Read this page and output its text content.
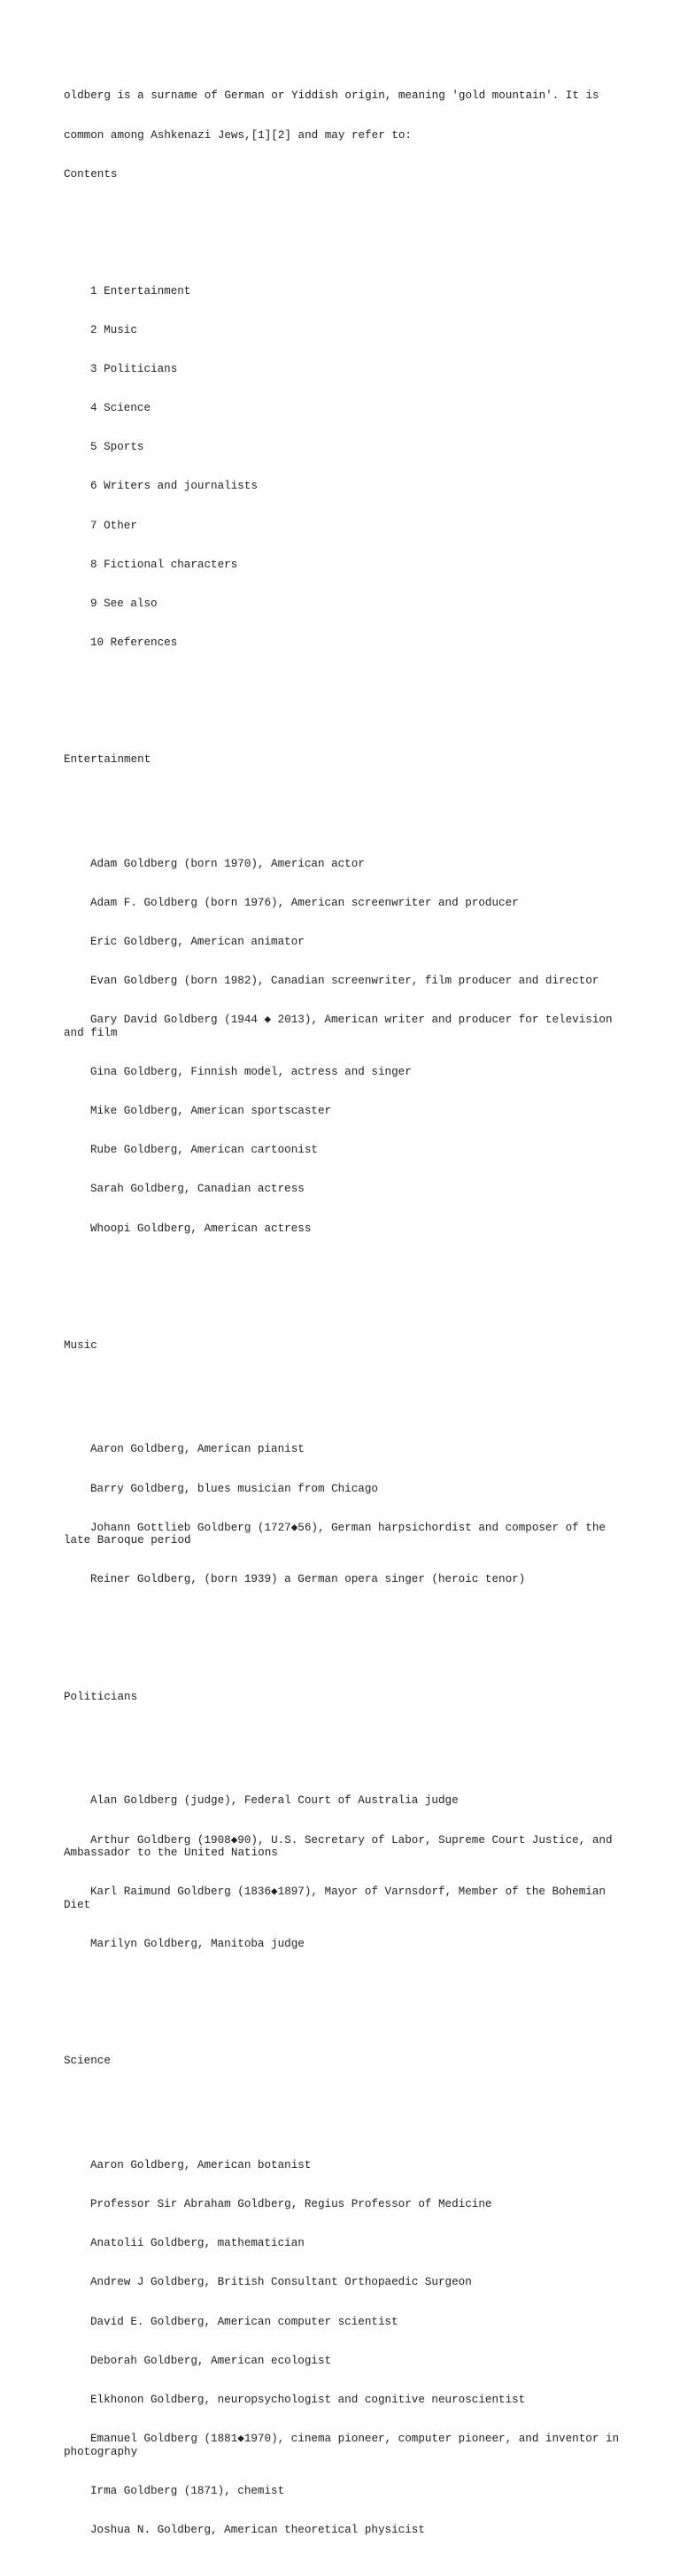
oldberg is a surname of German or Yiddish origin, meaning 'gold mountain'. It is

common among Ashkenazi Jews,[1][2] and may refer to:

Contents

1 Entertainment

2 Music

3 Politicians

4 Science

5 Sports

6 Writers and journalists

7 Other

8 Fictional characters

9 See also

10 References

Entertainment

Adam Goldberg (born 1970), American actor

Adam F. Goldberg (born 1976), American screenwriter and producer

Eric Goldberg, American animator

Evan Goldberg (born 1982), Canadian screenwriter, film producer and director

Gary David Goldberg (1944 ◆ 2013), American writer and producer for television and film

Gina Goldberg, Finnish model, actress and singer

Mike Goldberg, American sportscaster

Rube Goldberg, American cartoonist

Sarah Goldberg, Canadian actress

Whoopi Goldberg, American actress

Music

Aaron Goldberg, American pianist

Barry Goldberg, blues musician from Chicago

Johann Gottlieb Goldberg (1727◆56), German harpsichordist and composer of the late Baroque period

Reiner Goldberg, (born 1939) a German opera singer (heroic tenor)

Politicians

Alan Goldberg (judge), Federal Court of Australia judge

Arthur Goldberg (1908◆90), U.S. Secretary of Labor, Supreme Court Justice, and Ambassador to the United Nations

Karl Raimund Goldberg (1836◆1897), Mayor of Varnsdorf, Member of the Bohemian Diet

Marilyn Goldberg, Manitoba judge

Science

Aaron Goldberg, American botanist

Professor Sir Abraham Goldberg, Regius Professor of Medicine

Anatolii Goldberg, mathematician

Andrew J Goldberg, British Consultant Orthopaedic Surgeon

David E. Goldberg, American computer scientist

Deborah Goldberg, American ecologist

Elkhonon Goldberg, neuropsychologist and cognitive neuroscientist

Emanuel Goldberg (1881◆1970), cinema pioneer, computer pioneer, and inventor in photography

Irma Goldberg (1871), chemist

Joshua N. Goldberg, American theoretical physicist
